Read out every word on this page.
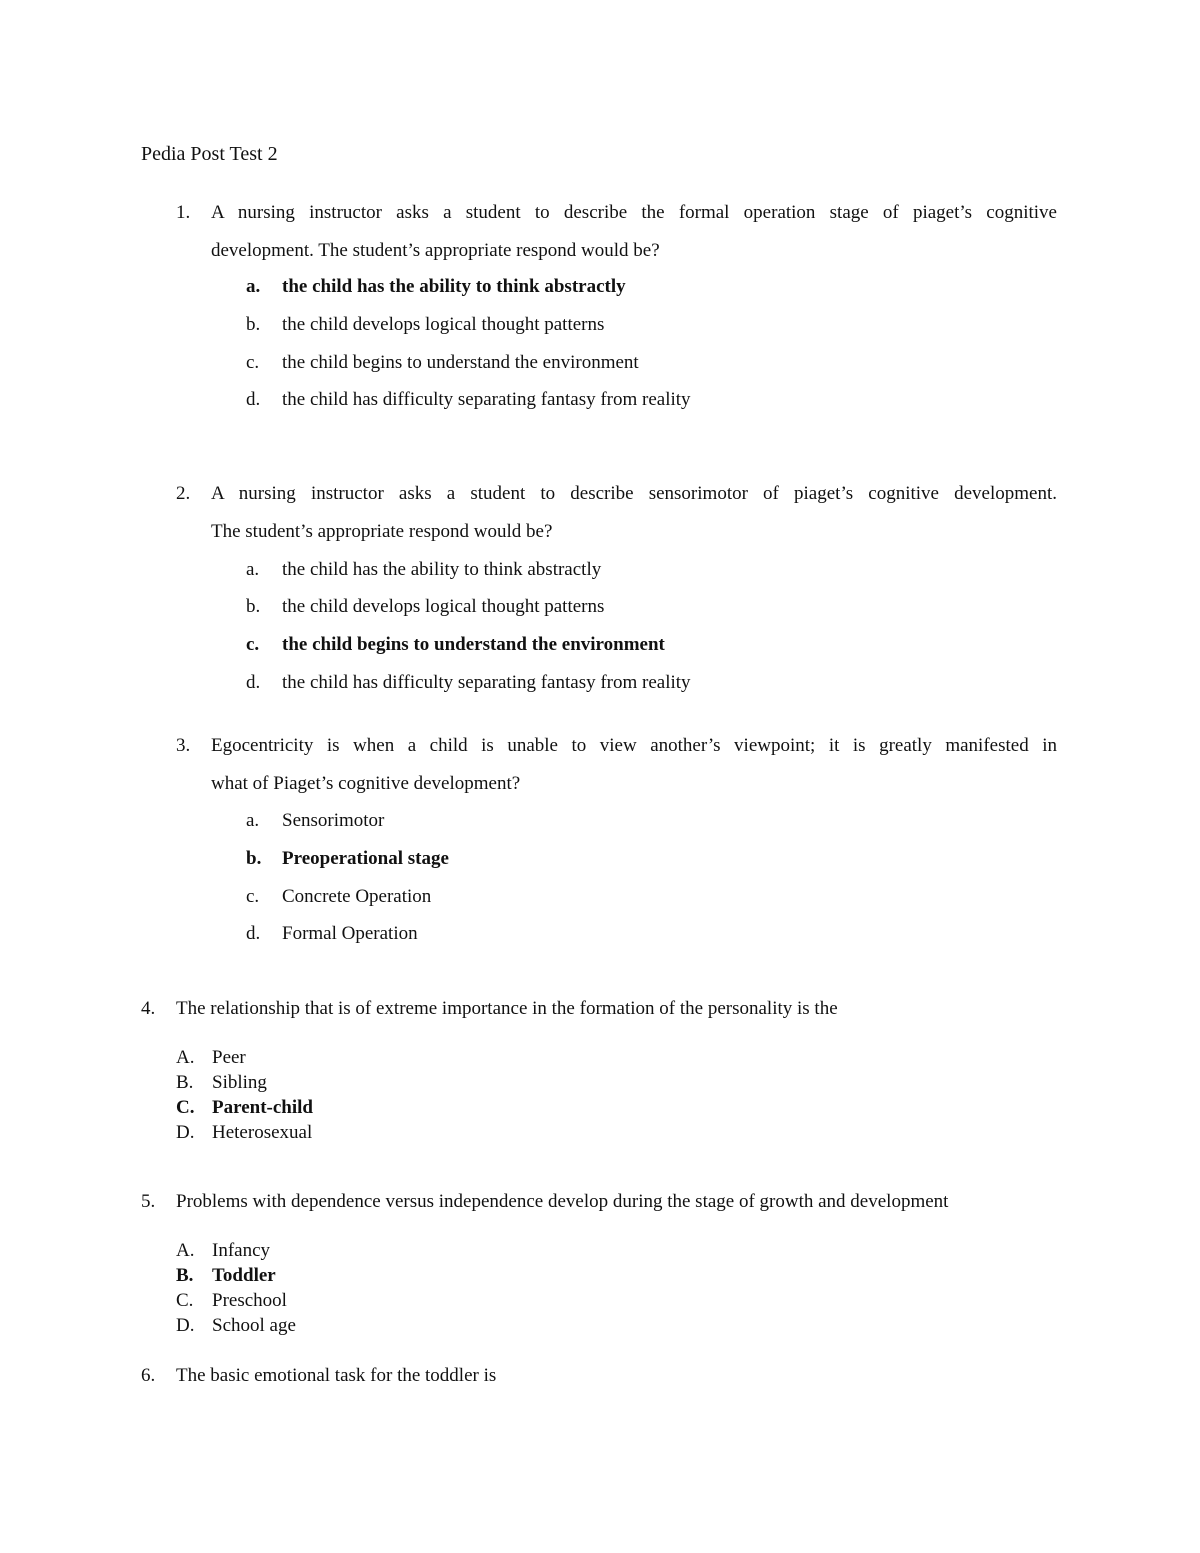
Pedia Post Test 2
1. A nursing instructor asks a student to describe the formal operation stage of piaget’s cognitive
development. The student’s appropriate respond would be?
a. the child has the ability to think abstractly
b. the child develops logical thought patterns
c. the child begins to understand the environment
d. the child has difficulty separating fantasy from reality
2. A nursing instructor asks a student to describe sensorimotor of piaget’s cognitive development.
The student’s appropriate respond would be?
a. the child has the ability to think abstractly
b. the child develops logical thought patterns
c. the child begins to understand the environment
d. the child has difficulty separating fantasy from reality
3. Egocentricity is when a child is unable to view another’s viewpoint; it is greatly manifested in
what of Piaget’s cognitive development?
a. Sensorimotor
b. Preoperational stage
c. Concrete Operation
d. Formal Operation
4. The relationship that is of extreme importance in the formation of the personality is the
A. Peer
B. Sibling
C. Parent-child
D. Heterosexual
5. Problems with dependence versus independence develop during the stage of growth and development
A. Infancy
B. Toddler
C. Preschool
D. School age
6. The basic emotional task for the toddler is
